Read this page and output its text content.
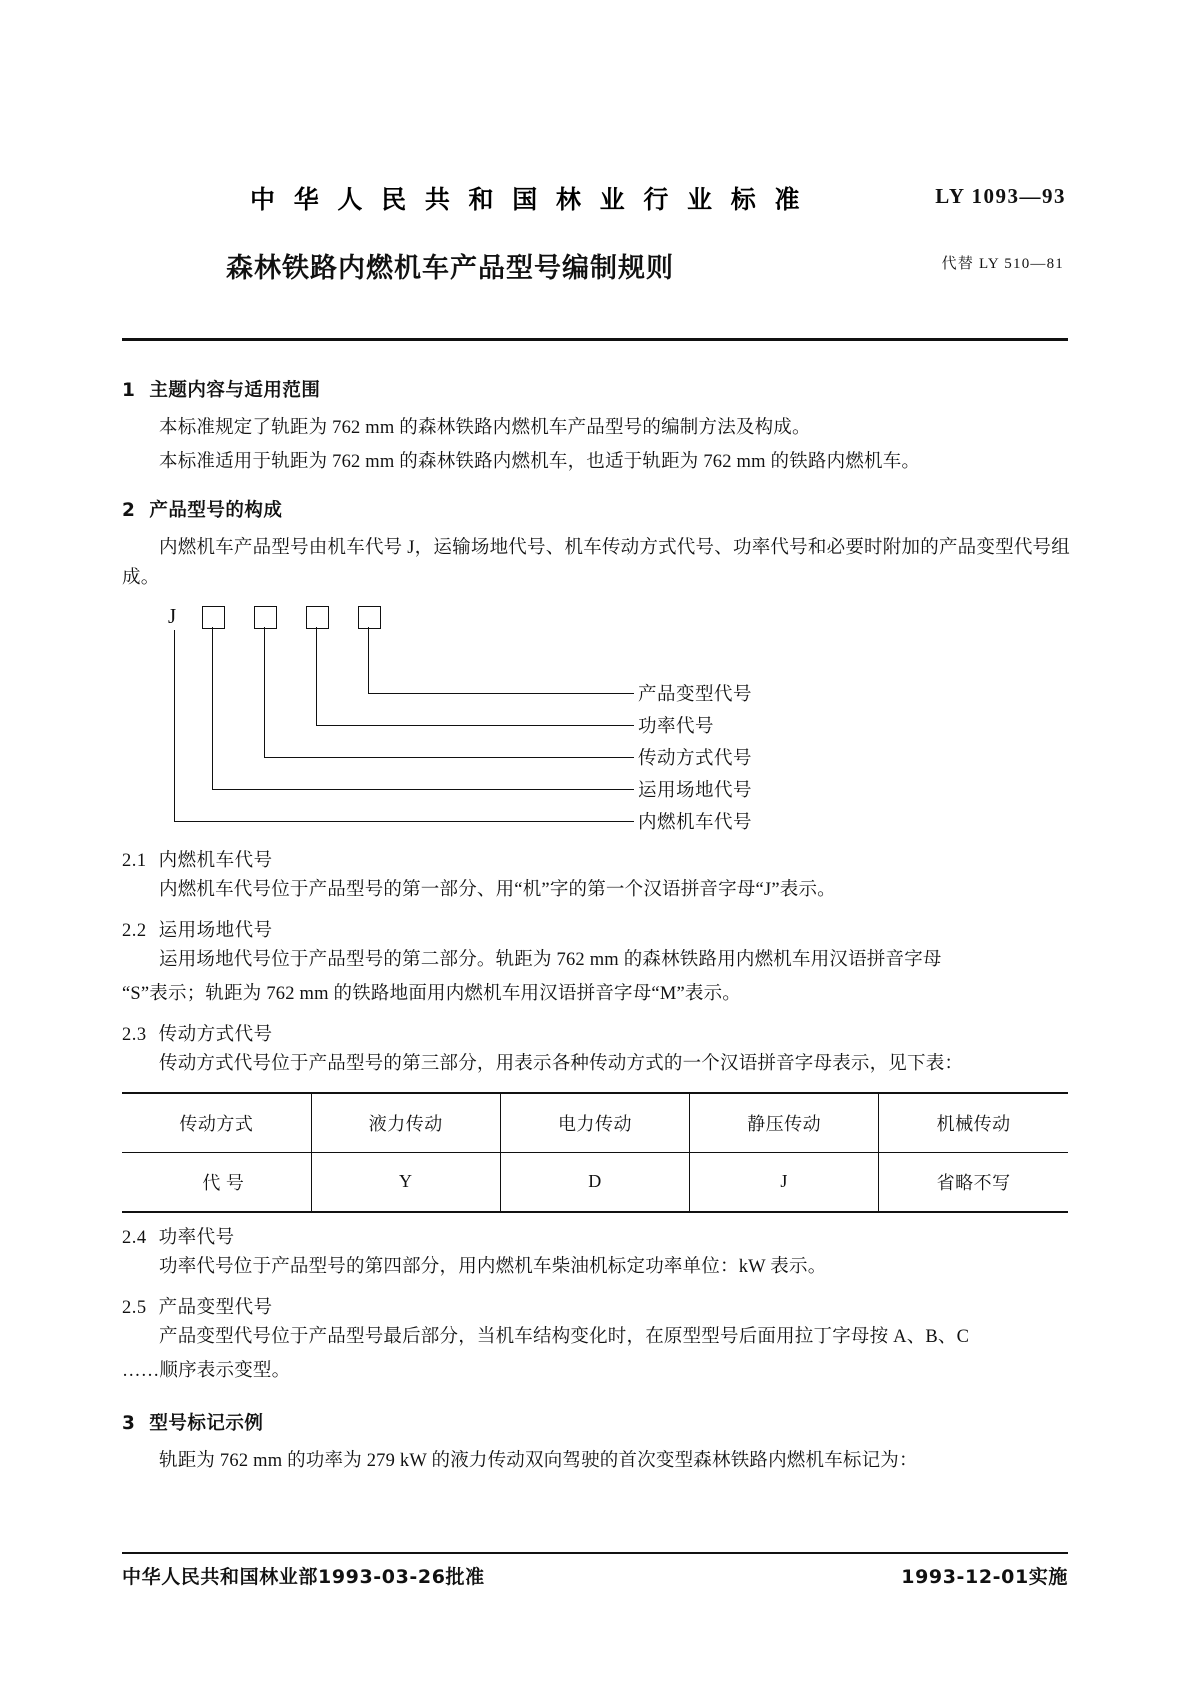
中 华 人 民 共 和 国 林 业 行 业 标 准	LY 1093—93
森林铁路内燃机车产品型号编制规则	代替 LY 510—81
1 主题内容与适用范围

本标准规定了轨距为 762 mm 的森林铁路内燃机车产品型号的编制方法及构成。

本标准适用于轨距为 762 mm 的森林铁路内燃机车，也适于轨距为 762 mm 的铁路内燃机车。

2 产品型号的构成

内燃机车产品型号由机车代号 J，运输场地代号、机车传动方式代号、功率代号和必要时附加的产品变型代号组成。

J
产品变型代号
功率代号
传动方式代号
运用场地代号
内燃机车代号
2.1 内燃机车代号

内燃机车代号位于产品型号的第一部分、用“机”字的第一个汉语拼音字母“J”表示。

2.2 运用场地代号

运用场地代号位于产品型号的第二部分。轨距为 762 mm 的森林铁路用内燃机车用汉语拼音字母

“S”表示；轨距为 762 mm 的铁路地面用内燃机车用汉语拼音字母“M”表示。

2.3 传动方式代号

传动方式代号位于产品型号的第三部分，用表示各种传动方式的一个汉语拼音字母表示，见下表：

传动方式	液力传动	电力传动	静压传动	机械传动
代 号	Y	D	J	省略不写
2.4 功率代号

功率代号位于产品型号的第四部分，用内燃机车柴油机标定功率单位：kW 表示。

2.5 产品变型代号

产品变型代号位于产品型号最后部分，当机车结构变化时，在原型型号后面用拉丁字母按 A、B、C

……顺序表示变型。

3 型号标记示例

轨距为 762 mm 的功率为 279 kW 的液力传动双向驾驶的首次变型森林铁路内燃机车标记为：

中华人民共和国林业部1993-03-26批准	1993-12-01实施
